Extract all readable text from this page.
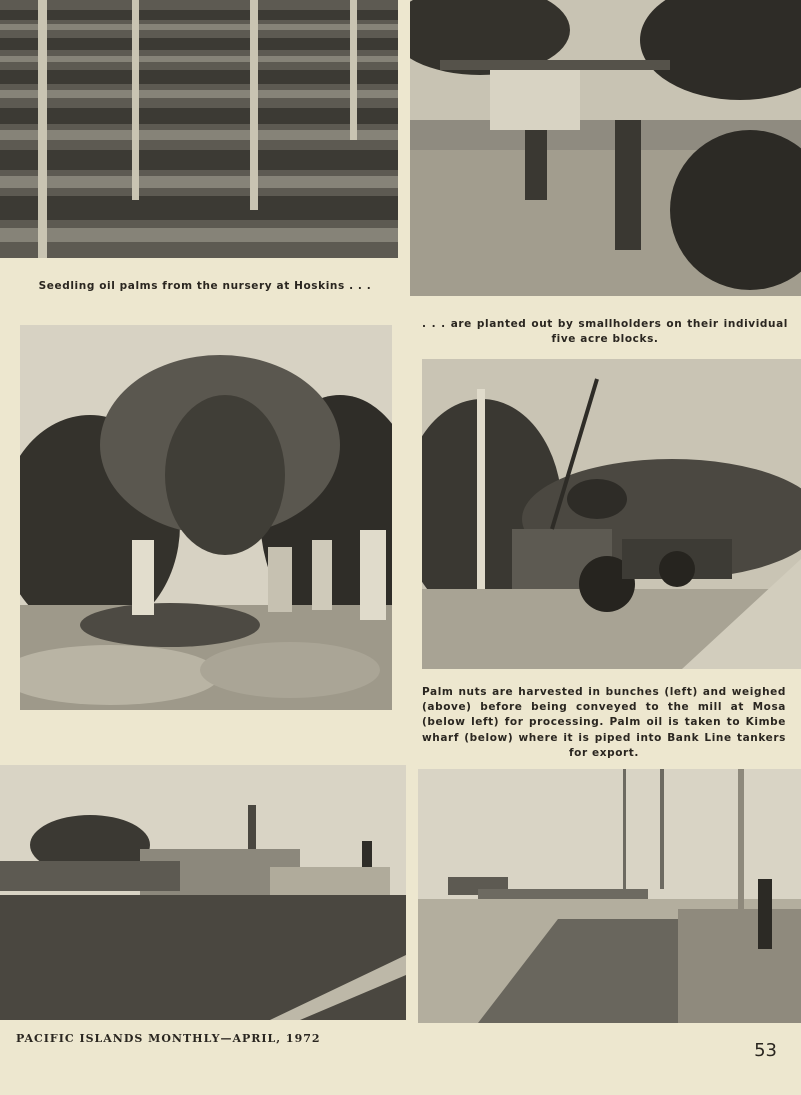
Seedling oil palms from the nursery at Hoskins . . .
. . . are planted out by smallholders on their individual five acre blocks.
Palm nuts are harvested in bunches (left) and weighed (above) before being conveyed to the mill at Mosa (below left) for processing. Palm oil is taken to Kimbe wharf (below) where it is piped into Bank Line tankers for export.
PACIFIC ISLANDS MONTHLY—APRIL, 1972
53
